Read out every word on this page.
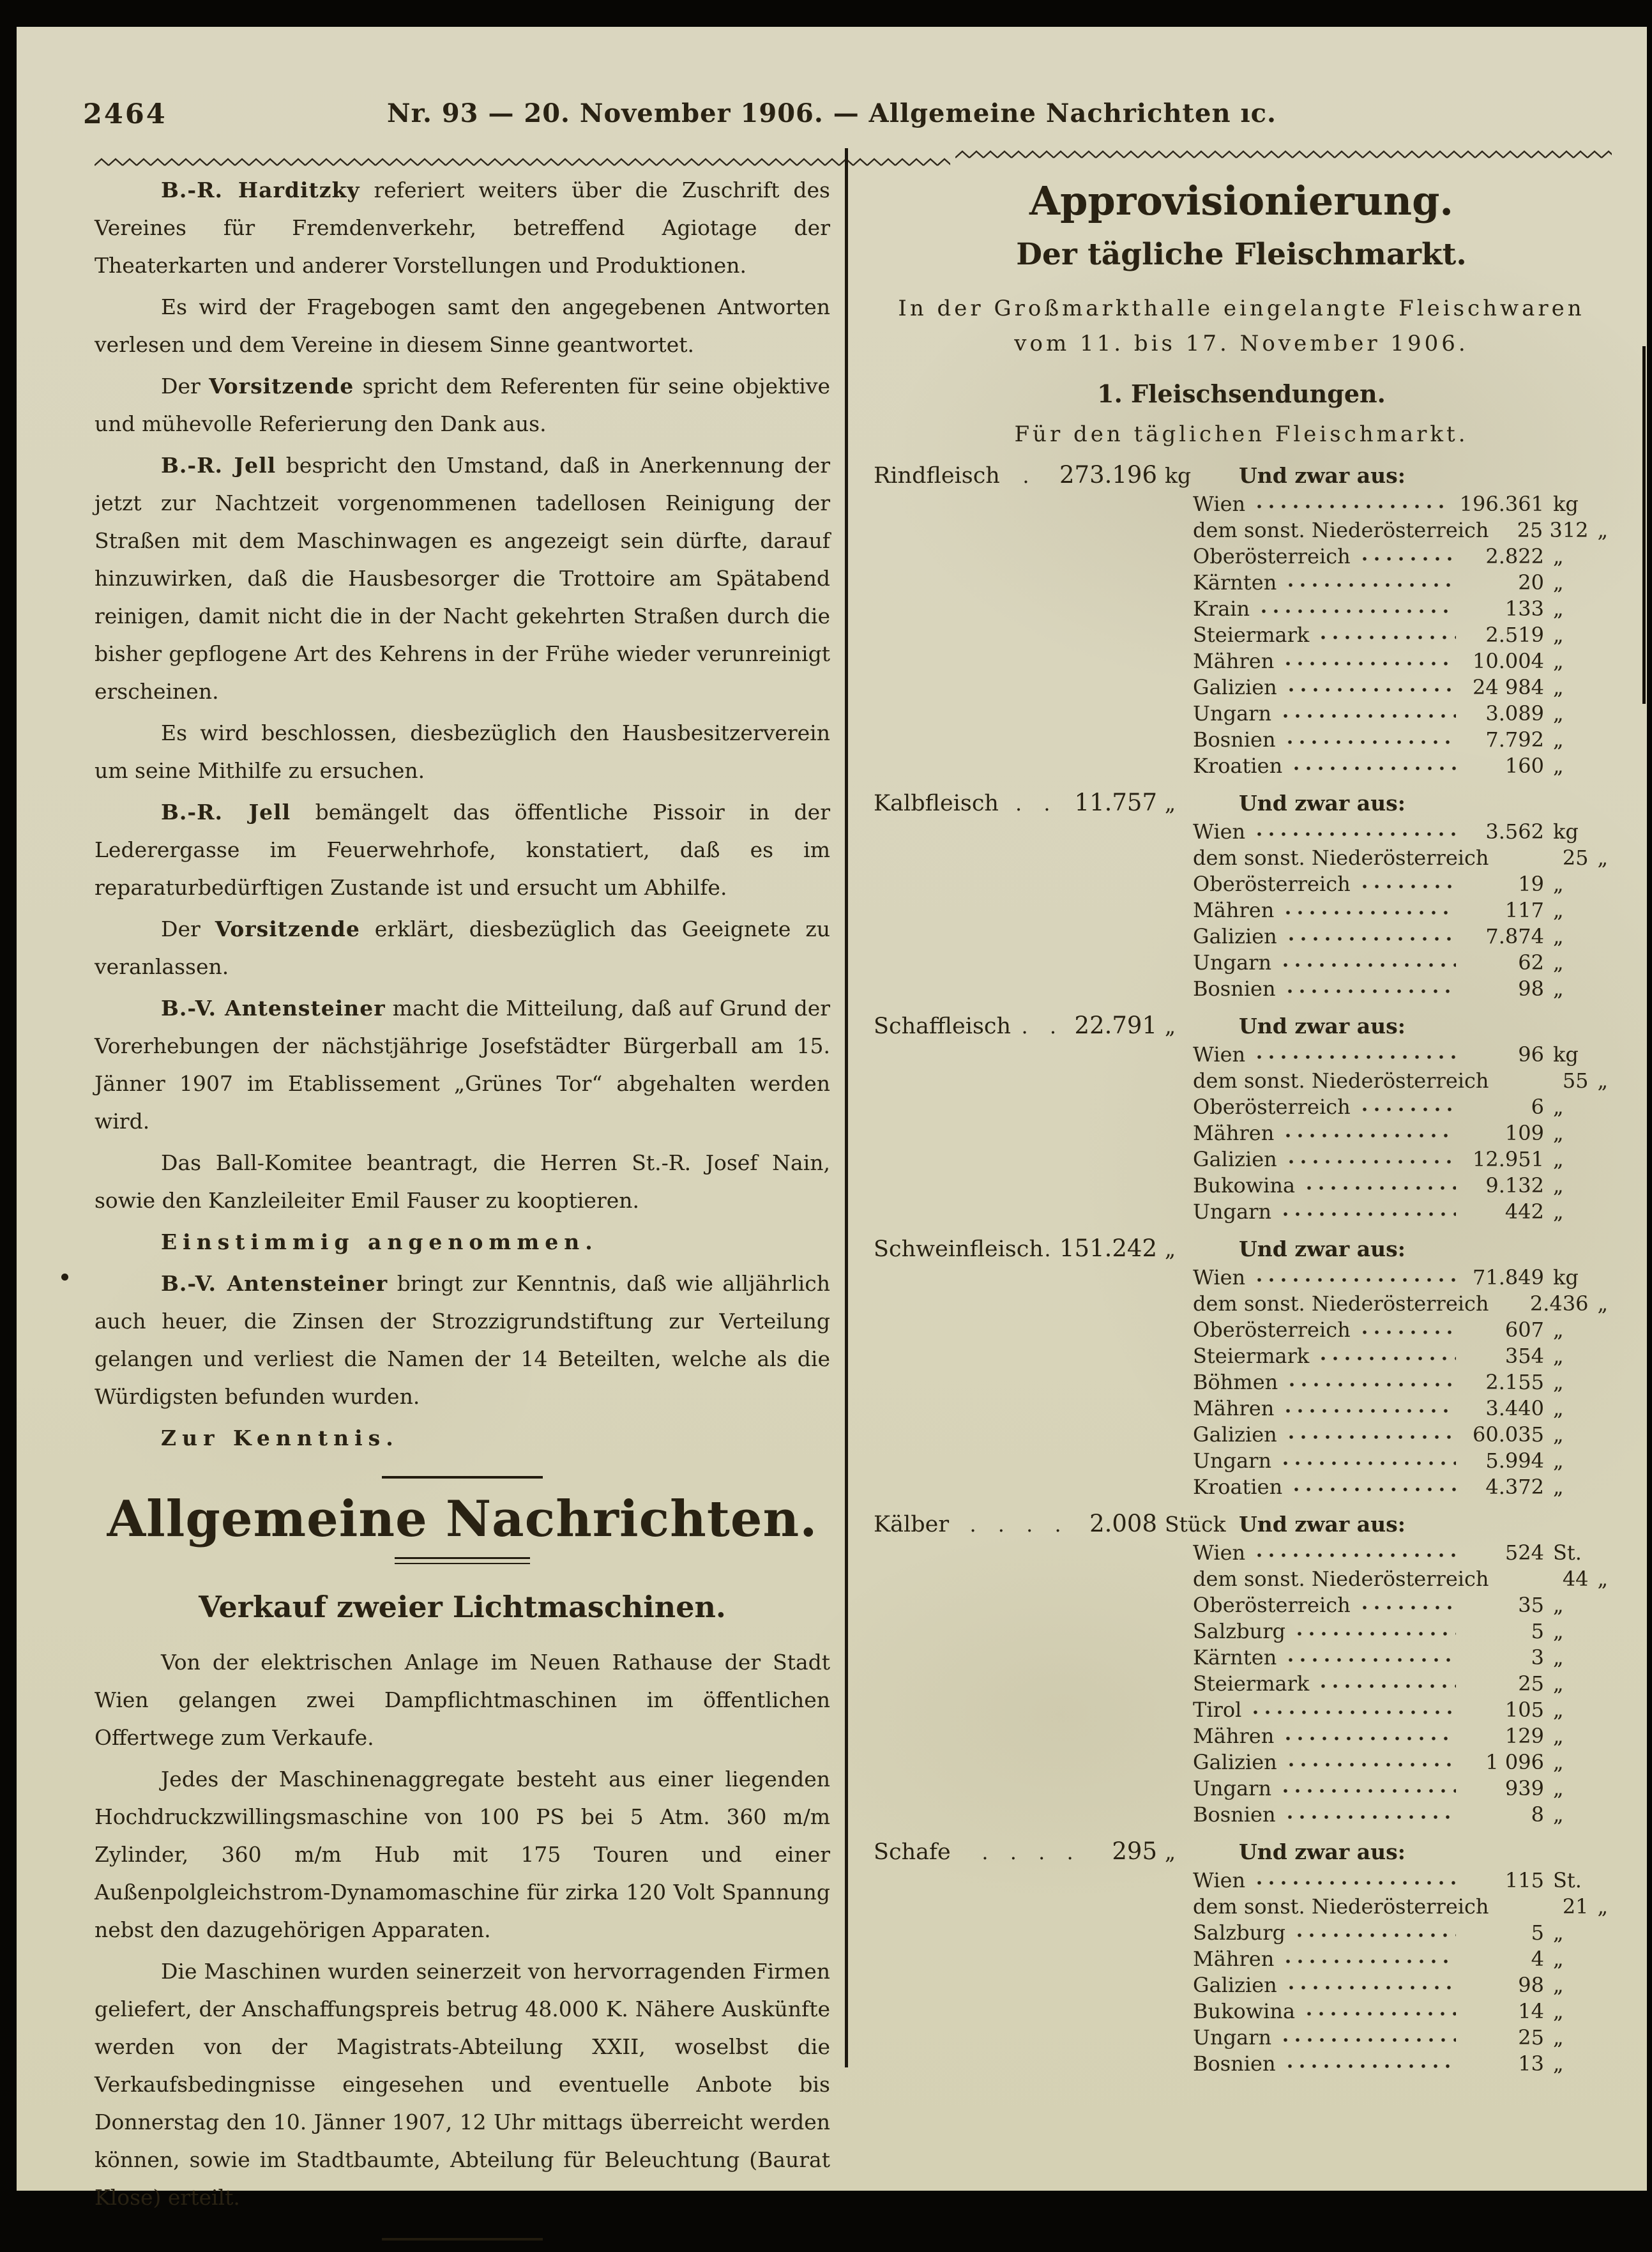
2464	Nr. 93 — 20. November 1906. — Allgemeine Nachrichten ıc.

B.-R. Harditzky referiert weiters über die Zuschrift des Vereines für Fremdenverkehr, betreffend Agiotage der Theaterkarten und anderer Vorstellungen und Produktionen.

Es wird der Fragebogen samt den angegebenen Antworten verlesen und dem Vereine in diesem Sinne geantwortet.

Der Vorsitzende spricht dem Referenten für seine objektive und mühevolle Referierung den Dank aus.

B.-R. Jell bespricht den Umstand, daß in Anerkennung der jetzt zur Nachtzeit vorgenommenen tadellosen Reinigung der Straßen mit dem Maschinwagen es angezeigt sein dürfte, darauf hinzuwirken, daß die Hausbesorger die Trottoire am Spätabend reinigen, damit nicht die in der Nacht gekehrten Straßen durch die bisher gepflogene Art des Kehrens in der Frühe wieder verunreinigt erscheinen.

Es wird beschlossen, diesbezüglich den Hausbesitzerverein um seine Mithilfe zu ersuchen.

B.-R. Jell bemängelt das öffentliche Pissoir in der Lederergasse im Feuerwehrhofe, konstatiert, daß es im reparaturbedürftigen Zustande ist und ersucht um Abhilfe.

Der Vorsitzende erklärt, diesbezüglich das Geeignete zu veranlassen.

B.-V. Antensteiner macht die Mitteilung, daß auf Grund der Vorerhebungen der nächstjährige Josefstädter Bürgerball am 15. Jänner 1907 im Etablissement „Grünes Tor“ abgehalten werden wird.

Das Ball-Komitee beantragt, die Herren St.-R. Josef Nain, sowie den Kanzleileiter Emil Fauser zu kooptieren.

Einstimmig angenommen.

B.-V. Antensteiner bringt zur Kenntnis, daß wie alljährlich auch heuer, die Zinsen der Strozzigrundstiftung zur Verteilung gelangen und verliest die Namen der 14 Beteilten, welche als die Würdigsten befunden wurden.

Zur Kenntnis.

Allgemeine Nachrichten.
Verkauf zweier Lichtmaschinen.

Von der elektrischen Anlage im Neuen Rathause der Stadt Wien gelangen zwei Dampflichtmaschinen im öffentlichen Offertwege zum Verkaufe.

Jedes der Maschinenaggregate besteht aus einer liegenden Hochdruckzwillingsmaschine von 100 PS bei 5 Atm. 360 m/m Zylinder, 360 m/m Hub mit 175 Touren und einer Außenpolgleichstrom-Dynamomaschine für zirka 120 Volt Spannung nebst den dazugehörigen Apparaten.

Die Maschinen wurden seinerzeit von hervorragenden Firmen geliefert, der Anschaffungspreis betrug 48.000 K. Nähere Auskünfte werden von der Magistrats-Abteilung XXII, woselbst die Verkaufsbedingnisse eingesehen und eventuelle Anbote bis Donnerstag den 10. Jänner 1907, 12 Uhr mittags überreicht werden können, sowie im Stadtbaumte, Abteilung für Beleuchtung (Baurat Klose) erteilt.

Approvisionierung.
Der tägliche Fleischmarkt.
In der Großmarkthalle eingelangte Fleischwaren
vom 11. bis 17. November 1906.
1. Fleischsendungen.
Für den täglichen Fleischmarkt.
Rindfleisch	. 273.196 kg	Und zwar aus:
Wien	196.361 kg
dem sonst. Niederösterreich	25 312 „
Oberösterreich	2.822 „
Kärnten	20 „
Krain	133 „
Steiermark	2.519 „
Mähren	10.004 „
Galizien	24 984 „
Ungarn	3.089 „
Bosnien	7.792 „
Kroatien	160 „
Kalbfleisch . . 11.757 „	Und zwar aus:
Wien	3.562 kg
dem sonst. Niederösterreich	25 „
Oberösterreich	19 „
Mähren	117 „
Galizien	7.874 „
Ungarn	62 „
Bosnien	98 „
Schaffleisch . . 22.791 „	Und zwar aus:
Wien	96 kg
dem sonst. Niederösterreich	55 „
Oberösterreich	6 „
Mähren	109 „
Galizien	12.951 „
Bukowina	9.132 „
Ungarn	442 „
Schweinfleisch . 151.242 „	Und zwar aus:
Wien	71.849 kg
dem sonst. Niederösterreich	2.436 „
Oberösterreich	607 „
Steiermark	354 „
Böhmen	2.155 „
Mähren	3.440 „
Galizien	60.035 „
Ungarn	5.994 „
Kroatien	4.372 „
Kälber	. . . . 2.008 Stück Und zwar aus:
Wien	524 St.
dem sonst. Niederösterreich	44 „
Oberösterreich	35 „
Salzburg	5 „
Kärnten	3 „
Steiermark	25 „
Tirol	105 „
Mähren	129 „
Galizien	1 096 „
Ungarn	939 „
Bosnien	8 „
Schafe	. . . .	295 „	Und zwar aus:
Wien	115 St.
dem sonst. Niederösterreich	21 „
Salzburg	5 „
Mähren	4 „
Galizien	98 „
Bukowina	14 „
Ungarn	25 „
Bosnien	13 „
